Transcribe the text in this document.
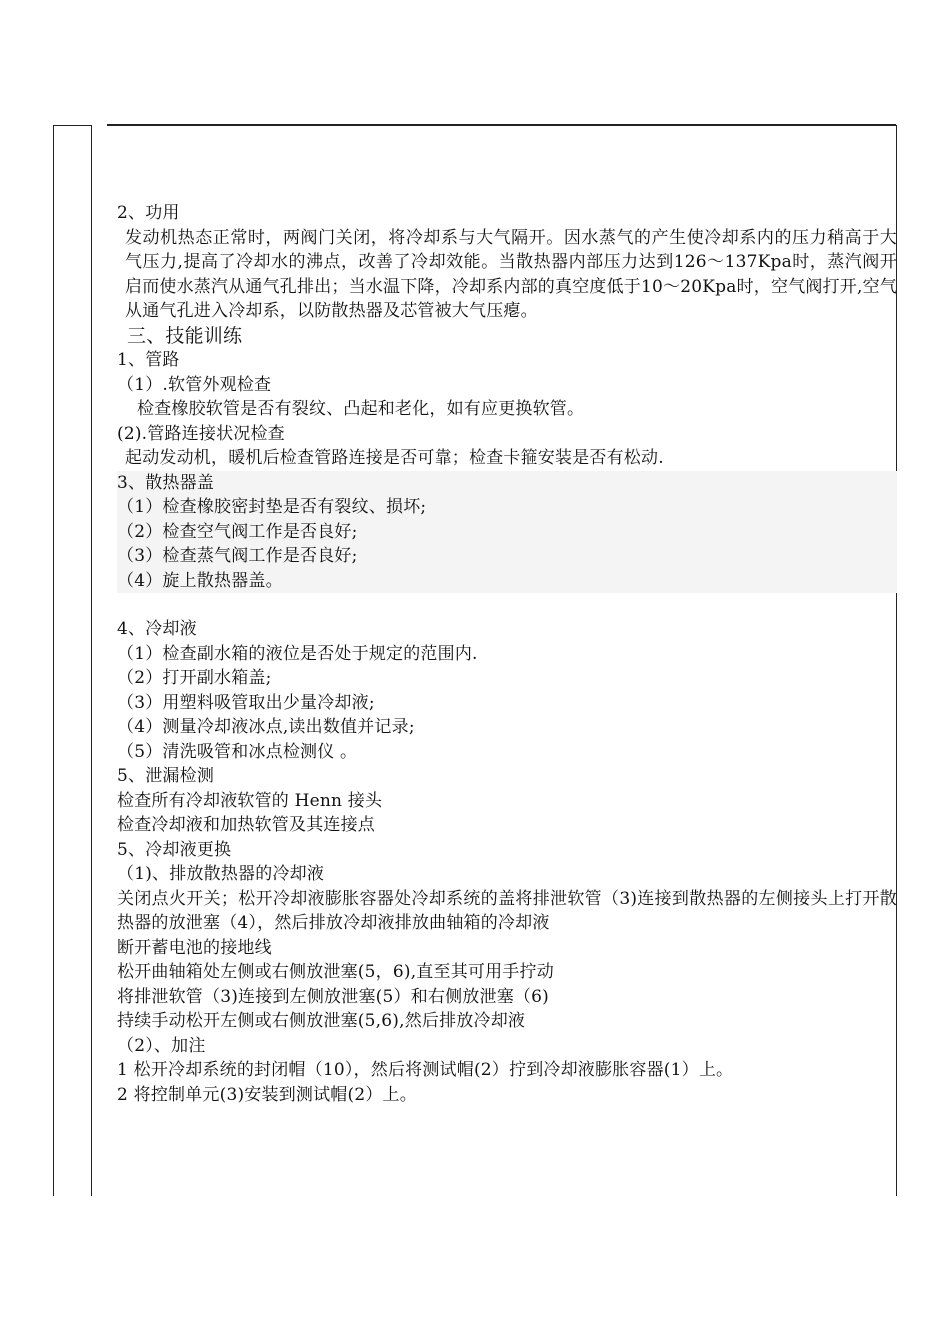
2、功用

发动机热态正常时，两阀门关闭，将冷却系与大气隔开。因水蒸气的产生使冷却系内的压力稍高于大气压力,提高了冷却水的沸点，改善了冷却效能。当散热器内部压力达到126～137Kpa时，蒸汽阀开启而使水蒸汽从通气孔排出；当水温下降，冷却系内部的真空度低于10～20Kpa时，空气阀打开,空气从通气孔进入冷却系，以防散热器及芯管被大气压瘪。

三、技能训练

1、管路

（1）.软管外观检查

检查橡胶软管是否有裂纹、凸起和老化，如有应更换软管。

(2).管路连接状况检查

起动发动机，暖机后检查管路连接是否可靠；检查卡箍安装是否有松动.

3、散热器盖

（1）检查橡胶密封垫是否有裂纹、损坏;

（2）检查空气阀工作是否良好;

（3）检查蒸气阀工作是否良好;

（4）旋上散热器盖。

4、冷却液

（1）检查副水箱的液位是否处于规定的范围内.

（2）打开副水箱盖;

（3）用塑料吸管取出少量冷却液;

（4）测量冷却液冰点,读出数值并记录;

（5）清洗吸管和冰点检测仪 。

5、泄漏检测

检查所有冷却液软管的 Henn 接头

检查冷却液和加热软管及其连接点

5、冷却液更换

（1)、排放散热器的冷却液

关闭点火开关；松开冷却液膨胀容器处冷却系统的盖将排泄软管（3)连接到散热器的左侧接头上打开散热器的放泄塞（4），然后排放冷却液排放曲轴箱的冷却液

断开蓄电池的接地线

松开曲轴箱处左侧或右侧放泄塞(5，6),直至其可用手拧动

将排泄软管（3)连接到左侧放泄塞(5）和右侧放泄塞（6)

持续手动松开左侧或右侧放泄塞(5,6),然后排放冷却液

（2）、加注

1 松开冷却系统的封闭帽（10），然后将测试帽(2）拧到冷却液膨胀容器(1）上。

2 将控制单元(3)安装到测试帽(2）上。
